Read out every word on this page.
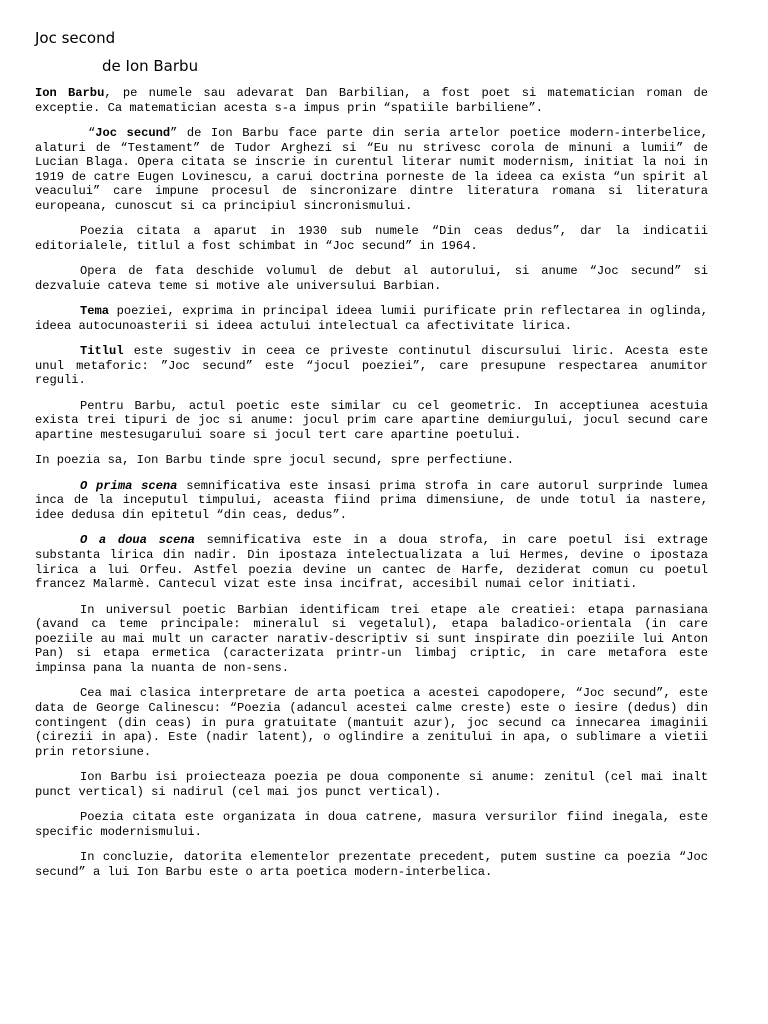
Joc second
de Ion Barbu

Ion Barbu, pe numele sau adevarat Dan Barbilian, a fost poet si matematician roman de exceptie. Ca matematician acesta s-a impus prin “spatiile barbiliene”.

“Joc secund” de Ion Barbu face parte din seria artelor poetice modern-interbelice, alaturi de “Testament” de Tudor Arghezi si “Eu nu strivesc corola de minuni a lumii” de Lucian Blaga. Opera citata se inscrie in curentul literar numit modernism, initiat la noi in 1919 de catre Eugen Lovinescu, a carui doctrina porneste de la ideea ca exista “un spirit al veacului” care impune procesul de sincronizare dintre literatura romana si literatura europeana, cunoscut si ca principiul sincronismului.

Poezia citata a aparut in 1930 sub numele “Din ceas dedus”, dar la indicatii editorialele, titlul a fost schimbat in “Joc secund” in 1964.

Opera de fata deschide volumul de debut al autorului, si anume “Joc secund” si dezvaluie cateva teme si motive ale universului Barbian.

Tema poeziei, exprima in principal ideea lumii purificate prin reflectarea in oglinda, ideea autocunoasterii si ideea actului intelectual ca afectivitate lirica.

Titlul este sugestiv in ceea ce priveste continutul discursului liric. Acesta este unul metaforic: ”Joc secund” este “jocul poeziei”, care presupune respectarea anumitor reguli.

Pentru Barbu, actul poetic este similar cu cel geometric. In acceptiunea acestuia exista trei tipuri de joc si anume: jocul prim care apartine demiurgului, jocul secund care apartine mestesugarului soare si jocul tert care apartine poetului.

In poezia sa, Ion Barbu tinde spre jocul secund, spre perfectiune.

O prima scena semnificativa este insasi prima strofa in care autorul surprinde lumea inca de la inceputul timpului, aceasta fiind prima dimensiune, de unde totul ia nastere, idee dedusa din epitetul “din ceas, dedus”.

O a doua scena semnificativa este in a doua strofa, in care poetul isi extrage substanta lirica din nadir. Din ipostaza intelectualizata a lui Hermes, devine o ipostaza lirica a lui Orfeu. Astfel poezia devine un cantec de Harfe, deziderat comun cu poetul francez Malarmè. Cantecul vizat este insa incifrat, accesibil numai celor initiati.

In universul poetic Barbian identificam trei etape ale creatiei: etapa parnasiana (avand ca teme principale: mineralul si vegetalul), etapa baladico-orientala (in care poeziile au mai mult un caracter narativ-descriptiv si sunt inspirate din poeziile lui Anton Pan) si etapa ermetica (caracterizata printr-un limbaj criptic, in care metafora este impinsa pana la nuanta de non-sens.

Cea mai clasica interpretare de arta poetica a acestei capodopere, “Joc secund”, este data de George Calinescu: “Poezia (adancul acestei calme creste) este o iesire (dedus) din contingent (din ceas) in pura gratuitate (mantuit azur), joc secund ca innecarea imaginii (cirezii in apa). Este (nadir latent), o oglindire a zenitului in apa, o sublimare a vietii prin retorsiune.

Ion Barbu isi proiecteaza poezia pe doua componente si anume: zenitul (cel mai inalt punct vertical) si nadirul (cel mai jos punct vertical).

Poezia citata este organizata in doua catrene, masura versurilor fiind inegala, este specific modernismului.

In concluzie, datorita elementelor prezentate precedent, putem sustine ca poezia “Joc secund” a lui Ion Barbu este o arta poetica modern-interbelica.
